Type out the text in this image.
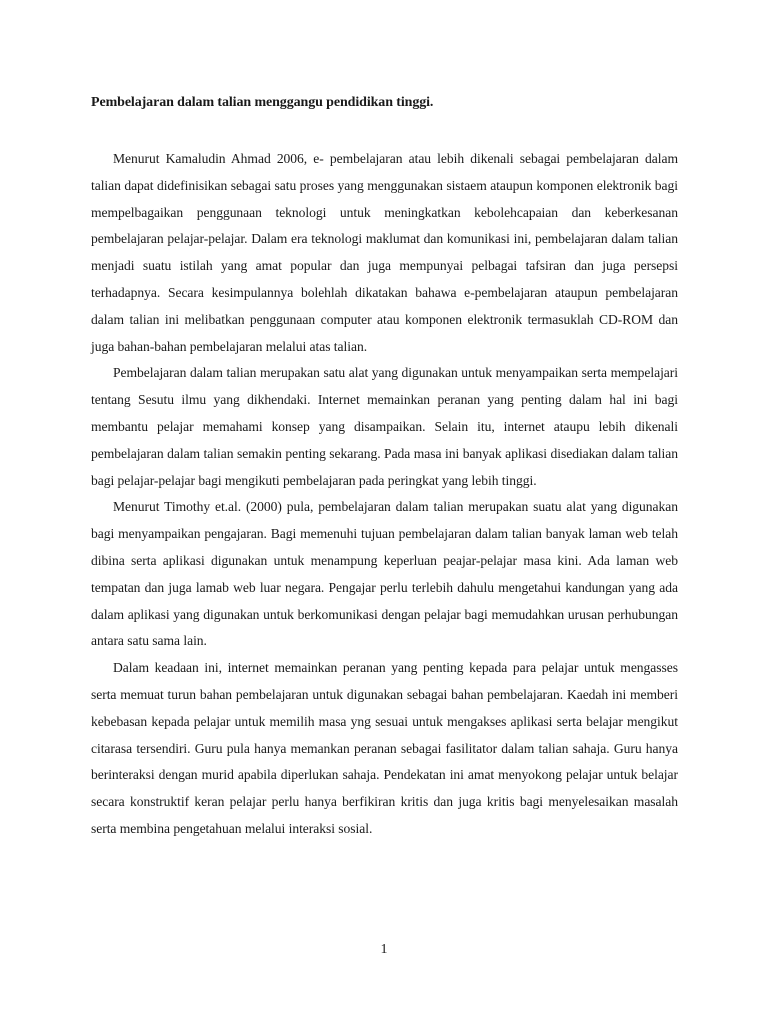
Pembelajaran dalam talian menggangu pendidikan tinggi.

Menurut Kamaludin Ahmad 2006, e- pembelajaran atau lebih dikenali sebagai pembelajaran dalam talian dapat didefinisikan sebagai satu proses yang menggunakan sistaem ataupun komponen elektronik bagi mempelbagaikan penggunaan teknologi untuk meningkatkan kebolehcapaian dan keberkesanan pembelajaran pelajar-pelajar. Dalam era teknologi maklumat dan komunikasi ini, pembelajaran dalam talian menjadi suatu istilah yang amat popular dan juga mempunyai pelbagai tafsiran dan juga persepsi terhadapnya. Secara kesimpulannya bolehlah dikatakan bahawa e-pembelajaran ataupun pembelajaran dalam talian ini melibatkan penggunaan computer atau komponen elektronik termasuklah CD-ROM dan juga bahan-bahan pembelajaran melalui atas talian.

Pembelajaran dalam talian merupakan satu alat yang digunakan untuk menyampaikan serta mempelajari tentang Sesutu ilmu yang dikhendaki. Internet memainkan peranan yang penting dalam hal ini bagi membantu pelajar memahami konsep yang disampaikan. Selain itu, internet ataupu lebih dikenali pembelajaran dalam talian semakin penting sekarang. Pada masa ini banyak aplikasi disediakan dalam talian bagi pelajar-pelajar bagi mengikuti pembelajaran pada peringkat yang lebih tinggi.

Menurut Timothy et.al. (2000) pula, pembelajaran dalam talian merupakan suatu alat yang digunakan bagi menyampaikan pengajaran. Bagi memenuhi tujuan pembelajaran dalam talian banyak laman web telah dibina serta aplikasi digunakan untuk menampung keperluan peajar-pelajar masa kini. Ada laman web tempatan dan juga lamab web luar negara. Pengajar perlu terlebih dahulu mengetahui kandungan yang ada dalam aplikasi yang digunakan untuk berkomunikasi dengan pelajar bagi memudahkan urusan perhubungan antara satu sama lain.

Dalam keadaan ini, internet memainkan peranan yang penting kepada para pelajar untuk mengasses serta memuat turun bahan pembelajaran untuk digunakan sebagai bahan pembelajaran. Kaedah ini memberi kebebasan kepada pelajar untuk memilih masa yng sesuai untuk mengakses aplikasi serta belajar mengikut citarasa tersendiri. Guru pula hanya memankan peranan sebagai fasilitator dalam talian sahaja. Guru hanya berinteraksi dengan murid apabila diperlukan sahaja. Pendekatan ini amat menyokong pelajar untuk belajar secara konstruktif keran pelajar perlu hanya berfikiran kritis dan juga kritis bagi menyelesaikan masalah serta membina pengetahuan melalui interaksi sosial.

1
